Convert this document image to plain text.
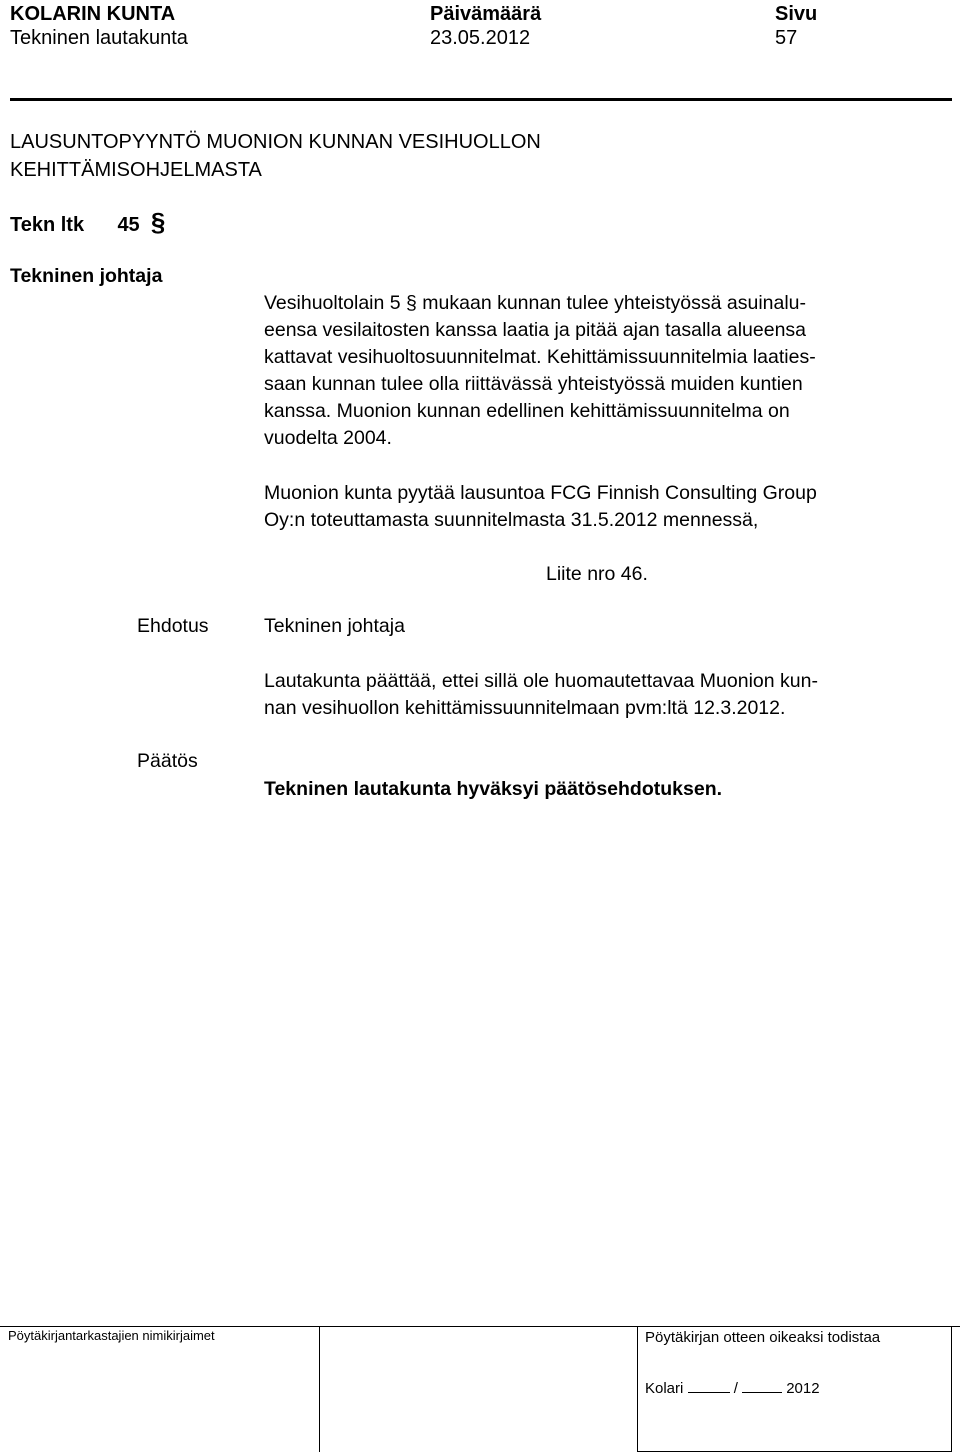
KOLARIN KUNTA
Tekninen lautakunta
Päivämäärä
23.05.2012
Sivu
57
LAUSUNTOPYYNTÖ MUONION KUNNAN VESIHUOLLON
KEHITTÄMISOHJELMASTA
Tekn ltk 45 §
Tekninen johtaja
Vesihuoltolain 5 § mukaan kunnan tulee yhteistyössä asuinalu-
eensa vesilaitosten kanssa laatia ja pitää ajan tasalla alueensa
kattavat vesihuoltosuunnitelmat. Kehittämissuunnitelmia laaties-
saan kunnan tulee olla riittävässä yhteistyössä muiden kuntien
kanssa. Muonion kunnan edellinen kehittämissuunnitelma on
vuodelta 2004.
Muonion kunta pyytää lausuntoa FCG Finnish Consulting Group
Oy:n toteuttamasta suunnitelmasta 31.5.2012 mennessä,
Liite nro 46.
Ehdotus	Tekninen johtaja
Lautakunta päättää, ettei sillä ole huomautettavaa Muonion kun-
nan vesihuollon kehittämissuunnitelmaan pvm:ltä 12.3.2012.
Päätös
Tekninen lautakunta hyväksyi päätösehdotuksen.
Pöytäkirjantarkastajien nimikirjaimet	Pöytäkirjan otteen oikeaksi todistaa
Kolari	/	2012
